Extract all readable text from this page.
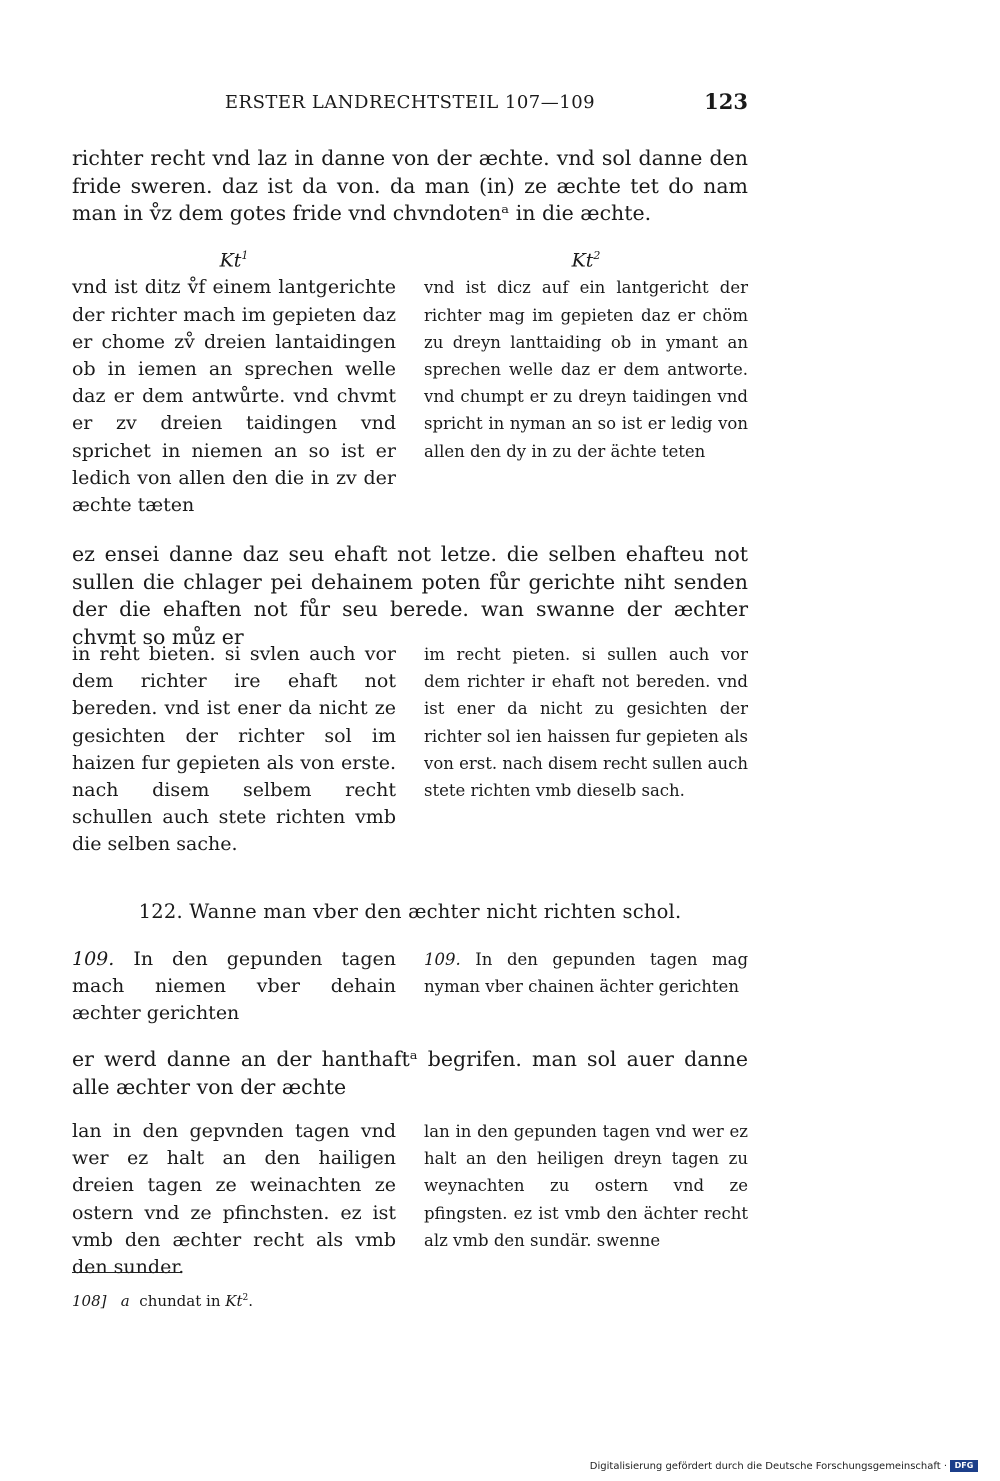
ERSTER LANDRECHTSTEIL 107—109	123
richter recht vnd laz in danne von der æchte. vnd sol danne den fride sweren. daz ist da von. da man (in) ze æchte tet do nam man in v̊z dem gotes fride vnd chvndotenᵃ in die æchte.
Kt$^1$
vnd ist ditz v̊f einem lantgerichte der richter mach im gepieten daz er chome zv̊ dreien lantaidingen ob in iemen an sprechen welle daz er dem antwůrte. vnd chvmt er zv dreien taidingen vnd sprichet in niemen an so ist er ledich von allen den die in zv der æchte tæten
Kt$^2$
vnd ist dicz auf ein lantgericht der richter mag im gepieten daz er chöm zu dreyn lanttaiding ob in ymant an sprechen welle daz er dem antworte. vnd chumpt er zu dreyn taidingen vnd spricht in nyman an so ist er ledig von allen den dy in zu der ächte teten
ez ensei danne daz seu ehaft not letze. die selben ehafteu not sullen die chlager pei dehainem poten fůr gerichte niht senden der die ehaften not fůr seu berede. wan swanne der æchter chvmt so můz er
in reht bieten. si svlen auch vor dem richter ire ehaft not bereden. vnd ist ener da nicht ze gesichten der richter sol im haizen fur gepieten als von erste. nach disem selbem recht schullen auch stete richten vmb die selben sache.
im recht pieten. si sullen auch vor dem richter ir ehaft not bereden. vnd ist ener da nicht zu gesichten der richter sol ien haissen fur gepieten als von erst. nach disem recht sullen auch stete richten vmb dieselb sach.
122. Wanne man vber den æchter nicht richten schol.
109. In den gepunden tagen mach niemen vber dehain æchter gerichten
109. In den gepunden tagen mag nyman vber chainen ächter gerichten
er werd danne an der hanthaftᵃ begrifen. man sol auer danne alle æchter von der æchte
lan in den gepvnden tagen vnd wer ez halt an den hailigen dreien tagen ze weinachten ze ostern vnd ze pfinchsten. ez ist vmb den æchter recht als vmb den sunder.
lan in den gepunden tagen vnd wer ez halt an den heiligen dreyn tagen zu weynachten zu ostern vnd ze pfingsten. ez ist vmb den ächter recht alz vmb den sundär. swenne
108] a chundat in Kt$^2$.
Digitalisierung gefördert durch die Deutsche Forschungsgemeinschaft · DFG
